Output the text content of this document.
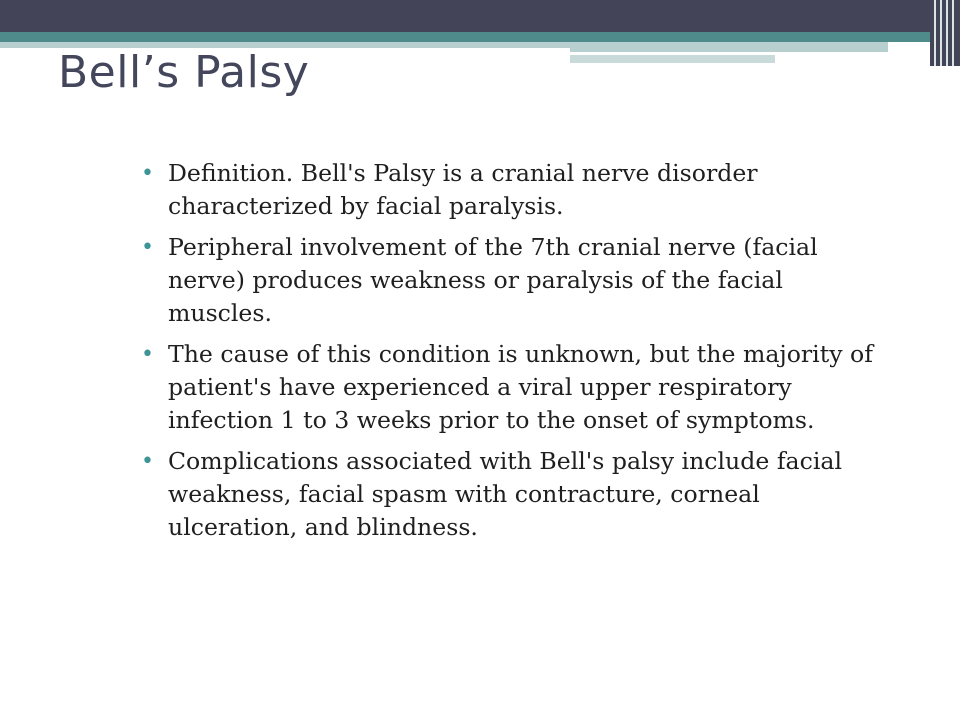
Bell’s Palsy
• Definition. Bell's Palsy is a cranial nerve disorder characterized by facial paralysis.
• Peripheral involvement of the 7th cranial nerve (facial nerve) produces weakness or paralysis of the facial muscles.
• The cause of this condition is unknown, but the majority of patient's have experienced a viral upper respiratory infection 1 to 3 weeks prior to the onset of symptoms.
• Complications associated with Bell's palsy include facial weakness, facial spasm with contracture, corneal ulceration, and blindness.
